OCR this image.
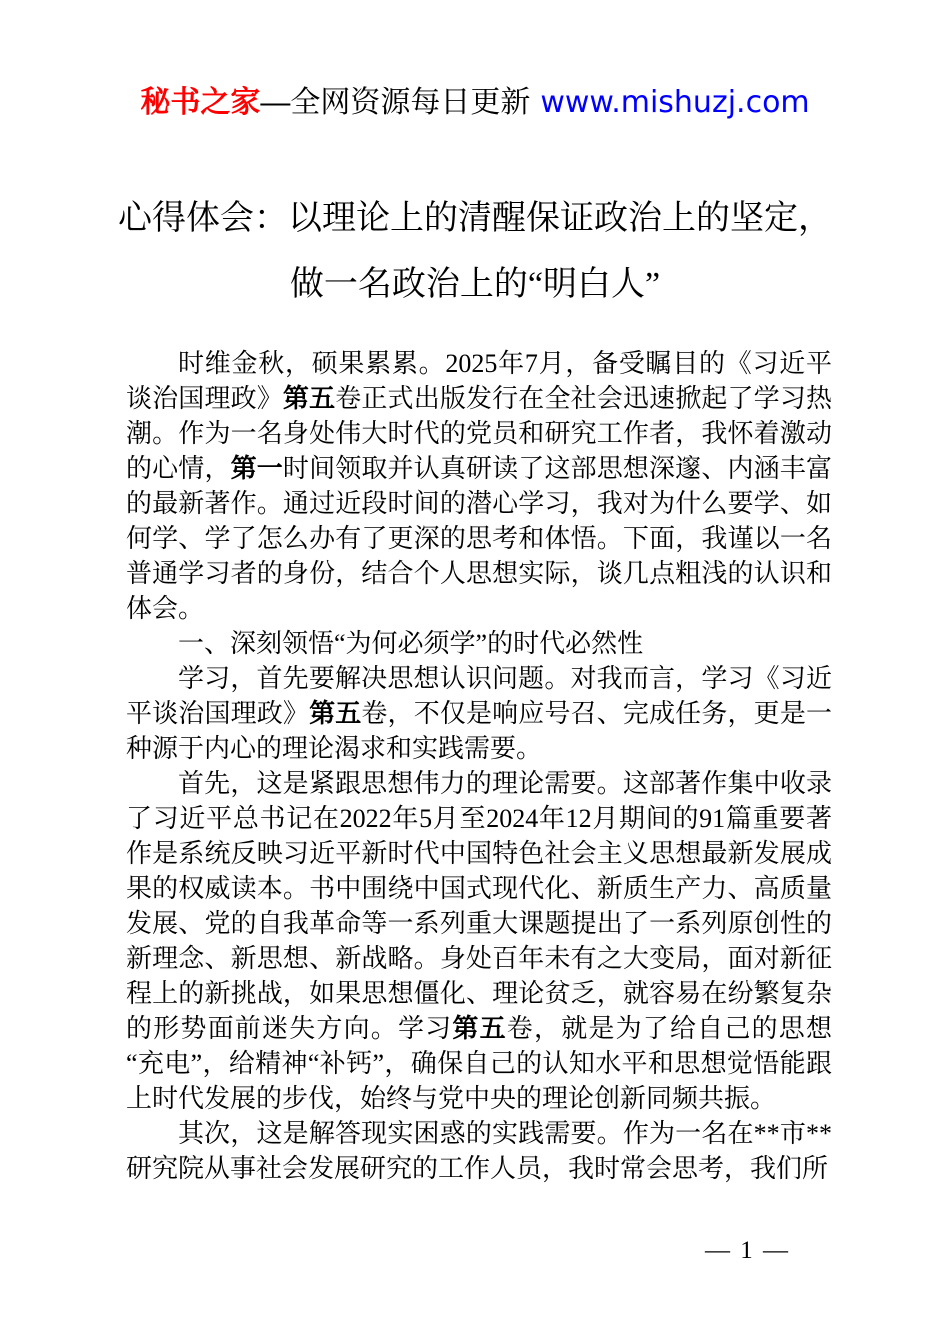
秘书之家—全网资源每日更新 www.mishuzj.com
心得体会：以理论上的清醒保证政治上的坚定，
做一名政治上的“明白人”

时维金秋，硕果累累。2025年7月，备受瞩目的《习近平谈治国理政》第五卷正式出版发行在全社会迅速掀起了学习热潮。作为一名身处伟大时代的党员和研究工作者，我怀着激动的心情，第一时间领取并认真研读了这部思想深邃、内涵丰富的最新著作。通过近段时间的潜心学习，我对为什么要学、如何学、学了怎么办有了更深的思考和体悟。下面，我谨以一名普通学习者的身份，结合个人思想实际，谈几点粗浅的认识和体会。

一、深刻领悟“为何必须学”的时代必然性

学习，首先要解决思想认识问题。对我而言，学习《习近平谈治国理政》第五卷，不仅是响应号召、完成任务，更是一种源于内心的理论渴求和实践需要。

首先，这是紧跟思想伟力的理论需要。这部著作集中收录了习近平总书记在2022年5月至2024年12月期间的91篇重要著作是系统反映习近平新时代中国特色社会主义思想最新发展成果的权威读本。书中围绕中国式现代化、新质生产力、高质量发展、党的自我革命等一系列重大课题提出了一系列原创性的新理念、新思想、新战略。身处百年未有之大变局，面对新征程上的新挑战，如果思想僵化、理论贫乏，就容易在纷繁复杂的形势面前迷失方向。学习第五卷，就是为了给自己的思想“充电”，给精神“补钙”，确保自己的认知水平和思想觉悟能跟上时代发展的步伐，始终与党中央的理论创新同频共振。

其次，这是解答现实困惑的实践需要。作为一名在**市**研究院从事社会发展研究的工作人员，我时常会思考，我们所

— 1 —
